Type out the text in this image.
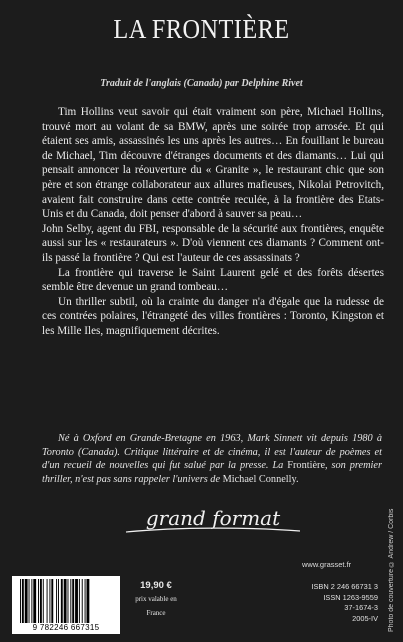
LA FRONTIÈRE
Traduit de l'anglais (Canada) par Delphine Rivet

Tim Hollins veut savoir qui était vraiment son père, Michael Hollins, trouvé mort au volant de sa BMW, après une soirée trop arrosée. Et qui étaient ses amis, assassinés les uns après les autres… En fouillant le bureau de Michael, Tim découvre d'étranges documents et des diamants… Lui qui pensait annoncer la réouverture du « Granite », le restaurant chic que son père et son étrange collaborateur aux allures mafieuses, Nikolai Petrovitch, avaient fait construire dans cette contrée reculée, à la frontière des Etats-Unis et du Canada, doit penser d'abord à sauver sa peau…

John Selby, agent du FBI, responsable de la sécurité aux frontières, enquête aussi sur les « restaurateurs ». D'où viennent ces diamants ? Comment ont-ils passé la frontière ? Qui est l'auteur de ces assassinats ?

La frontière qui traverse le Saint Laurent gelé et des forêts désertes semble être devenue un grand tombeau…

Un thriller subtil, où la crainte du danger n'a d'égale que la rudesse de ces contrées polaires, l'étrangeté des villes frontières : Toronto, Kingston et les Mille Iles, magnifiquement décrites.

Né à Oxford en Grande-Bretagne en 1963, Mark Sinnett vit depuis 1980 à Toronto (Canada). Critique littéraire et de cinéma, il est l'auteur de poèmes et d'un recueil de nouvelles qui fut salué par la presse. La Frontière, son premier thriller, n'est pas sans rappeler l'univers de Michael Connelly.

grand format	Photo de couverture © Andrew / Corbis
www.grasset.fr
9 782246 667315
19,90 €
prix valable en
France
ISBN 2 246 66731 3
ISSN 1263-9559
37-1674-3
2005-IV
